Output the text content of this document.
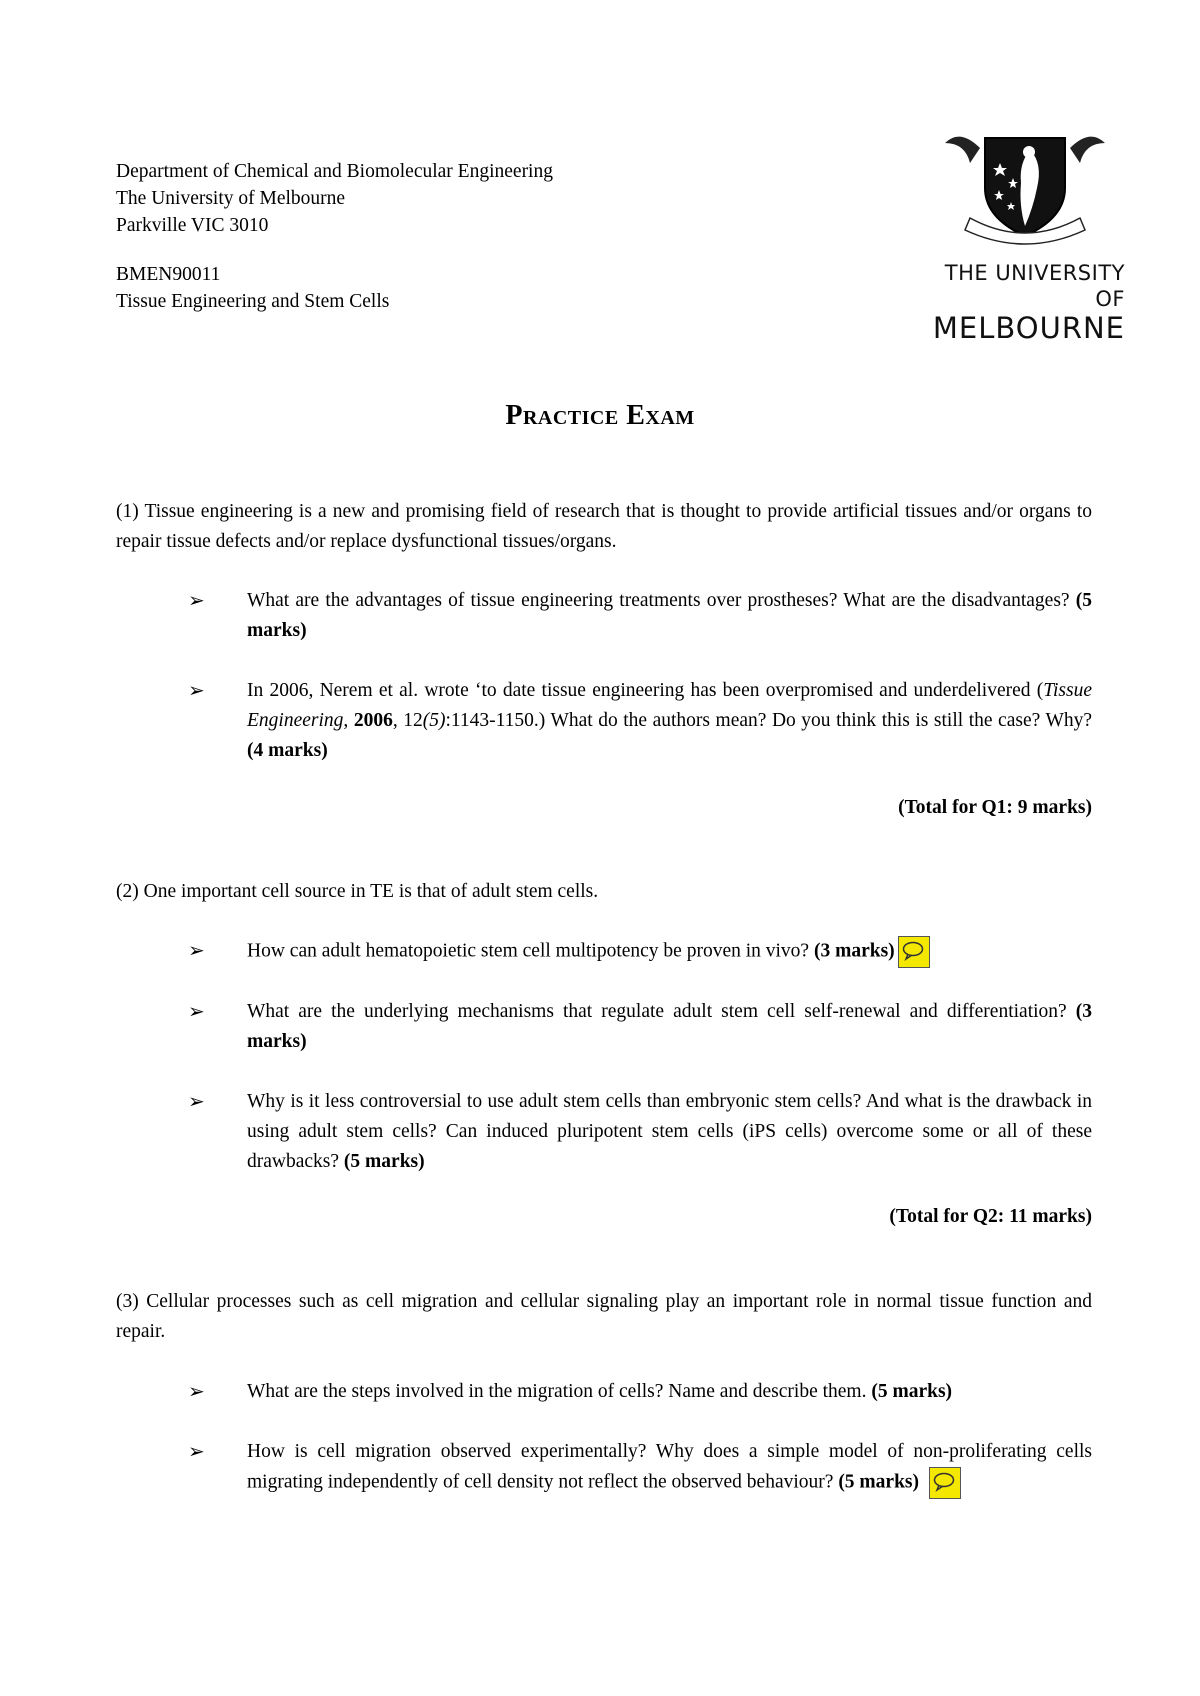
Department of Chemical and Biomolecular Engineering
The University of Melbourne
Parkville VIC 3010
BMEN90011
Tissue Engineering and Stem Cells
THE UNIVERSITY OF
MELBOURNE
Practice Exam
(1) Tissue engineering is a new and promising field of research that is thought to provide artificial tissues and/or organs to repair tissue defects and/or replace dysfunctional tissues/organs.
➢ What are the advantages of tissue engineering treatments over prostheses? What are the disadvantages? (5 marks)
➢ In 2006, Nerem et al. wrote ‘to date tissue engineering has been overpromised and underdelivered (Tissue Engineering, 2006, 12(5):1143-1150.) What do the authors mean? Do you think this is still the case? Why? (4 marks)
(Total for Q1: 9 marks)
(2) One important cell source in TE is that of adult stem cells.
➢ How can adult hematopoietic stem cell multipotency be proven in vivo? (3 marks)
➢ What are the underlying mechanisms that regulate adult stem cell self-renewal and differentiation? (3 marks)
➢ Why is it less controversial to use adult stem cells than embryonic stem cells? And what is the drawback in using adult stem cells? Can induced pluripotent stem cells (iPS cells) overcome some or all of these drawbacks? (5 marks)
(Total for Q2: 11 marks)
(3) Cellular processes such as cell migration and cellular signaling play an important role in normal tissue function and repair.
➢ What are the steps involved in the migration of cells? Name and describe them. (5 marks)
➢ How is cell migration observed experimentally? Why does a simple model of non-proliferating cells migrating independently of cell density not reflect the observed behaviour? (5 marks)
